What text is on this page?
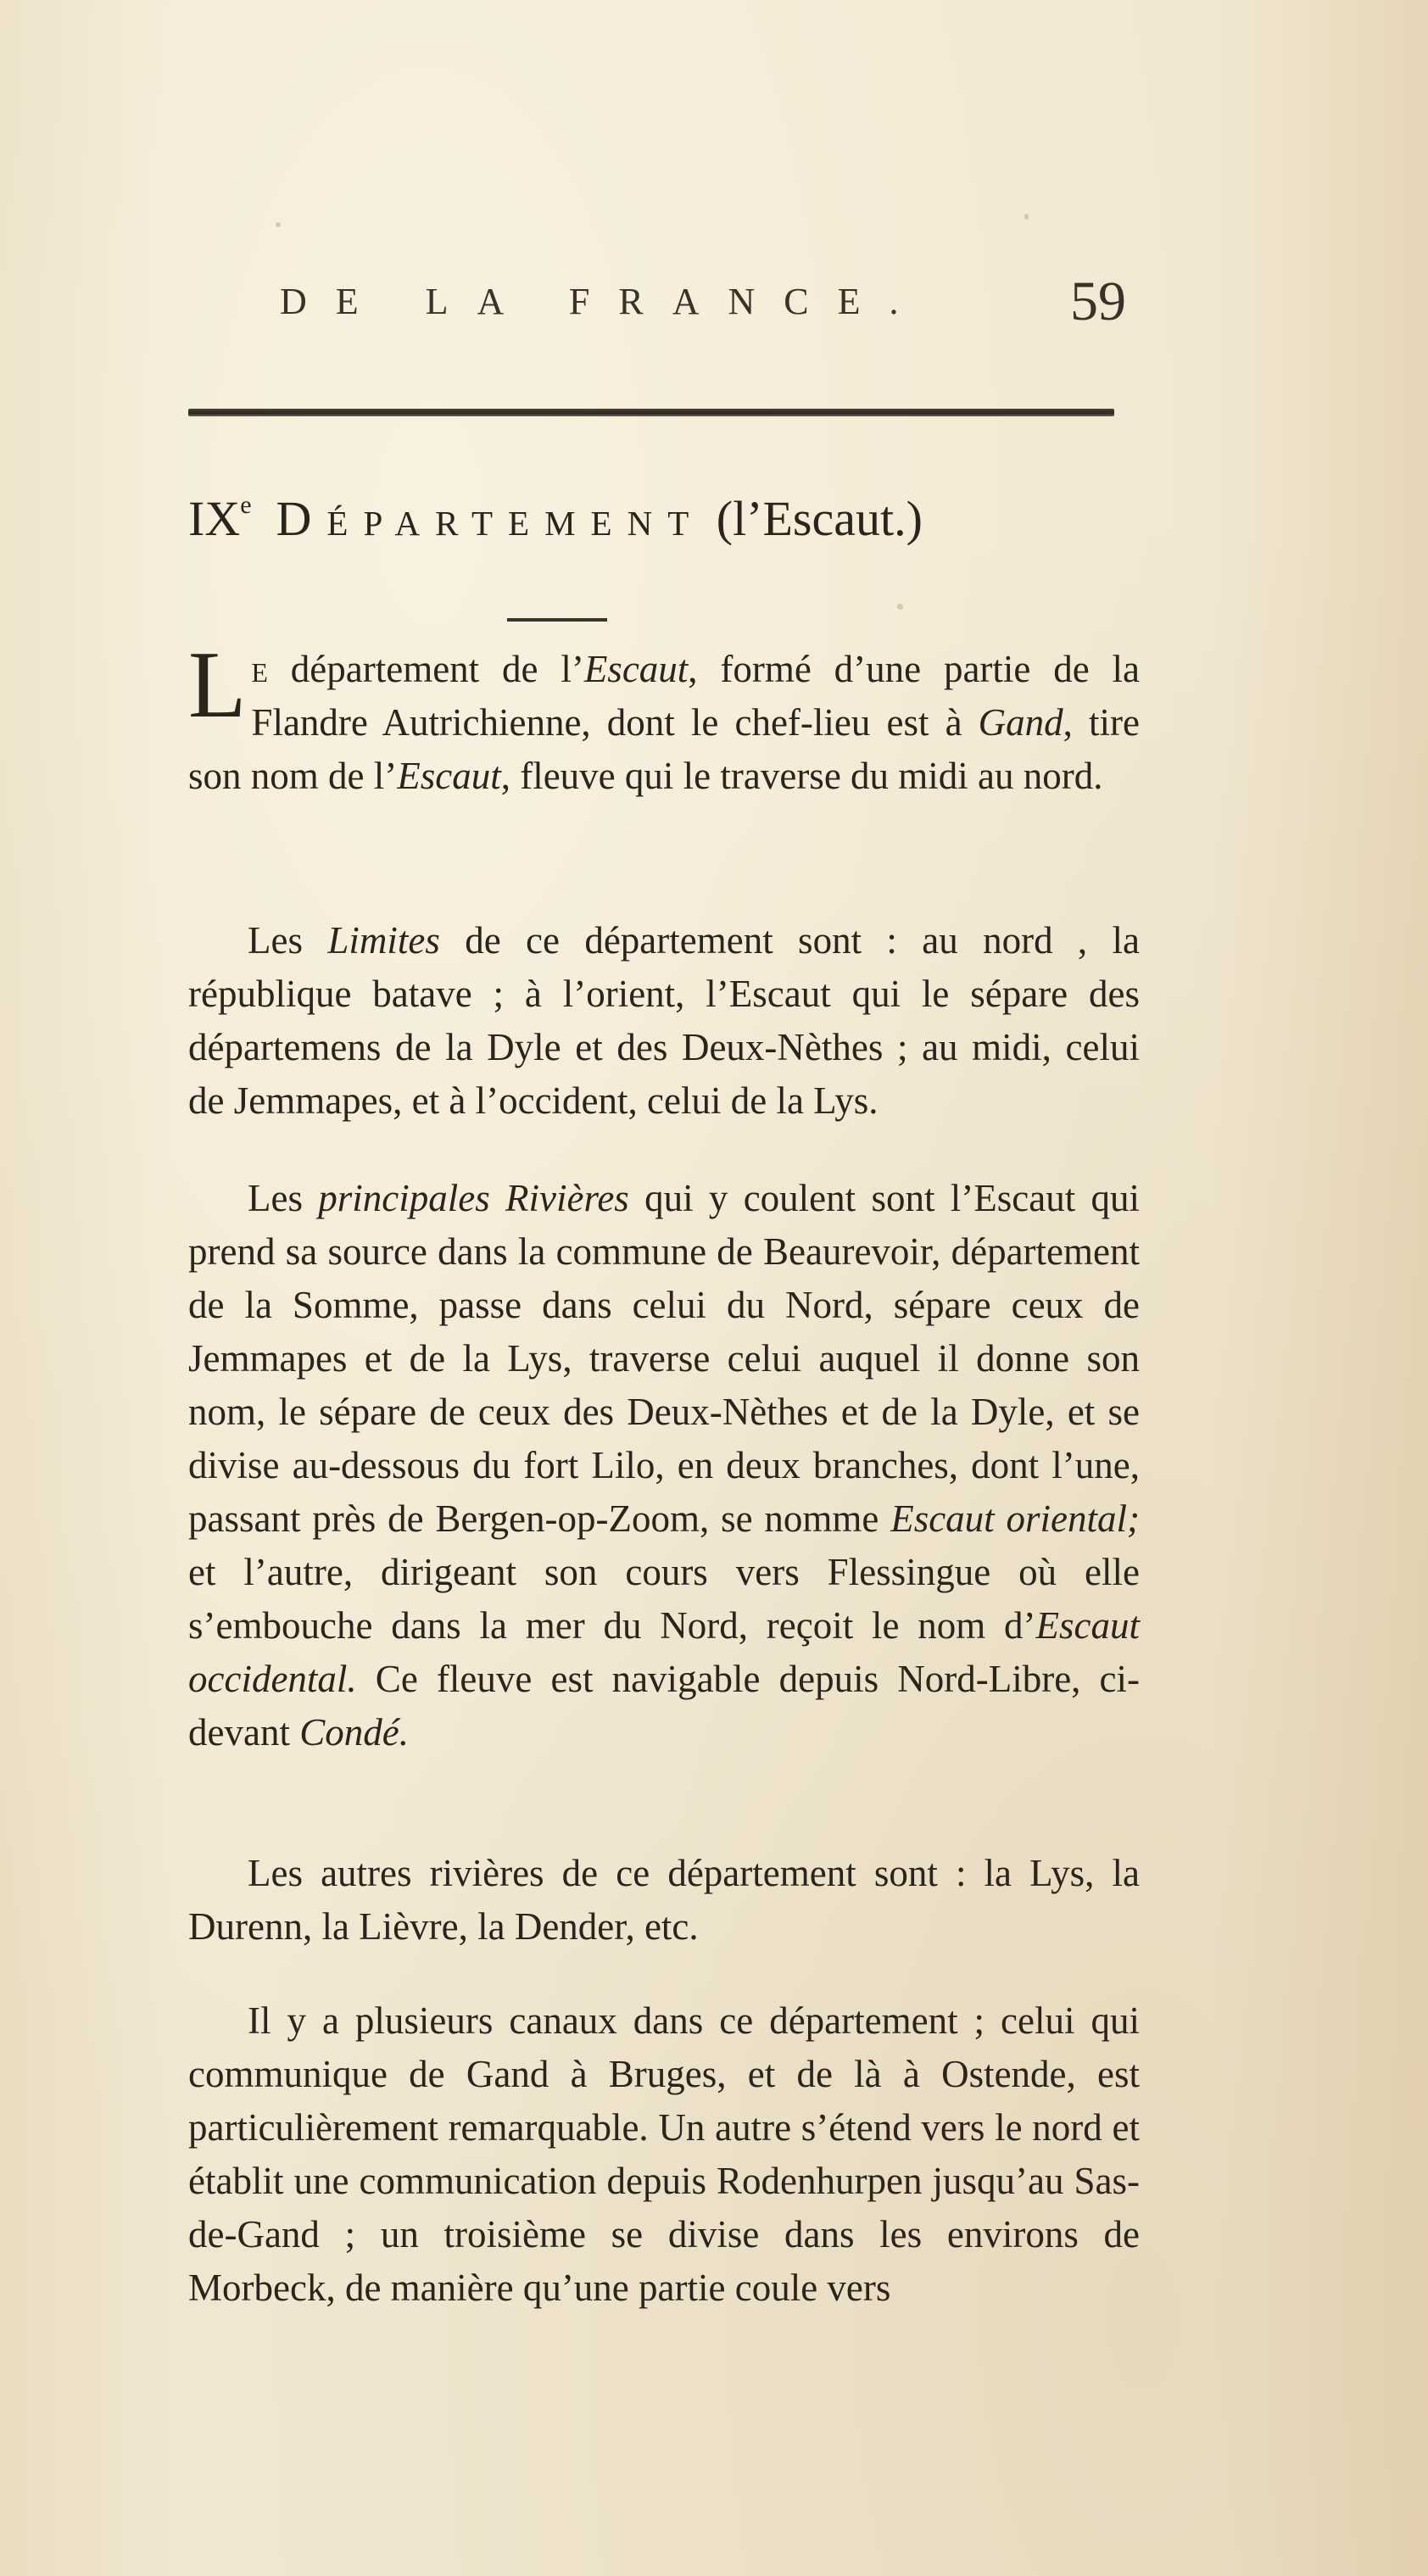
DE LA FRANCE.	59
IXe Département (l’Escaut.)
Le département de l’Escaut, formé d’une partie de la Flandre Autrichienne, dont le chef-lieu est à Gand, tire son nom de l’Escaut, fleuve qui le traverse du midi au nord.
Les Limites de ce département sont : au nord , la république batave ; à l’orient, l’Escaut qui le sépare des départemens de la Dyle et des Deux-Nèthes ; au midi, celui de Jemmapes, et à l’occident, celui de la Lys.
Les principales Rivières qui y coulent sont l’Escaut qui prend sa source dans la commune de Beaurevoir, département de la Somme, passe dans celui du Nord, sépare ceux de Jemmapes et de la Lys, traverse celui auquel il donne son nom, le sépare de ceux des Deux-Nèthes et de la Dyle, et se divise au-dessous du fort Lilo, en deux branches, dont l’une, passant près de Bergen-op-Zoom, se nomme Escaut oriental; et l’autre, dirigeant son cours vers Flessingue où elle s’embouche dans la mer du Nord, reçoit le nom d’Escaut occidental. Ce fleuve est navigable depuis Nord-Libre, ci-devant Condé.
Les autres rivières de ce département sont : la Lys, la Durenn, la Lièvre, la Dender, etc.
Il y a plusieurs canaux dans ce département ; celui qui communique de Gand à Bruges, et de là à Ostende, est particulièrement remarquable. Un autre s’étend vers le nord et établit une communication depuis Rodenhurpen jusqu’au Sas-de-Gand ; un troisième se divise dans les environs de Morbeck, de manière qu’une partie coule vers
